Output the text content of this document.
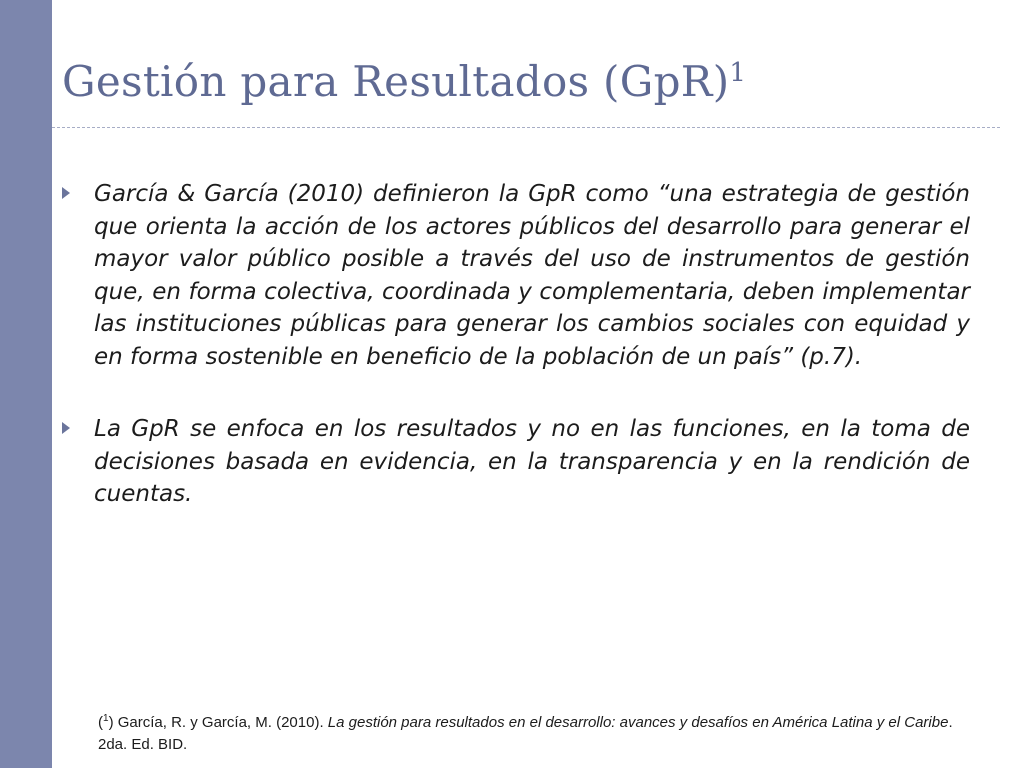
Gestión para Resultados (GpR)$^1$
García & García (2010) definieron la GpR como “una estrategia de gestión que orienta la acción de los actores públicos del desarrollo para generar el mayor valor público posible a través del uso de instrumentos de gestión que, en forma colectiva, coordinada y complementaria, deben implementar las instituciones públicas para generar los cambios sociales con equidad y en forma sostenible en beneficio de la población de un país” (p.7).
La GpR se enfoca en los resultados y no en las funciones, en la toma de decisiones basada en evidencia, en la transparencia y en la rendición de cuentas.

($^1$) García, R. y García, M. (2010). La gestión para resultados en el desarrollo: avances y desafíos en América Latina y el Caribe. 2da. Ed. BID.
